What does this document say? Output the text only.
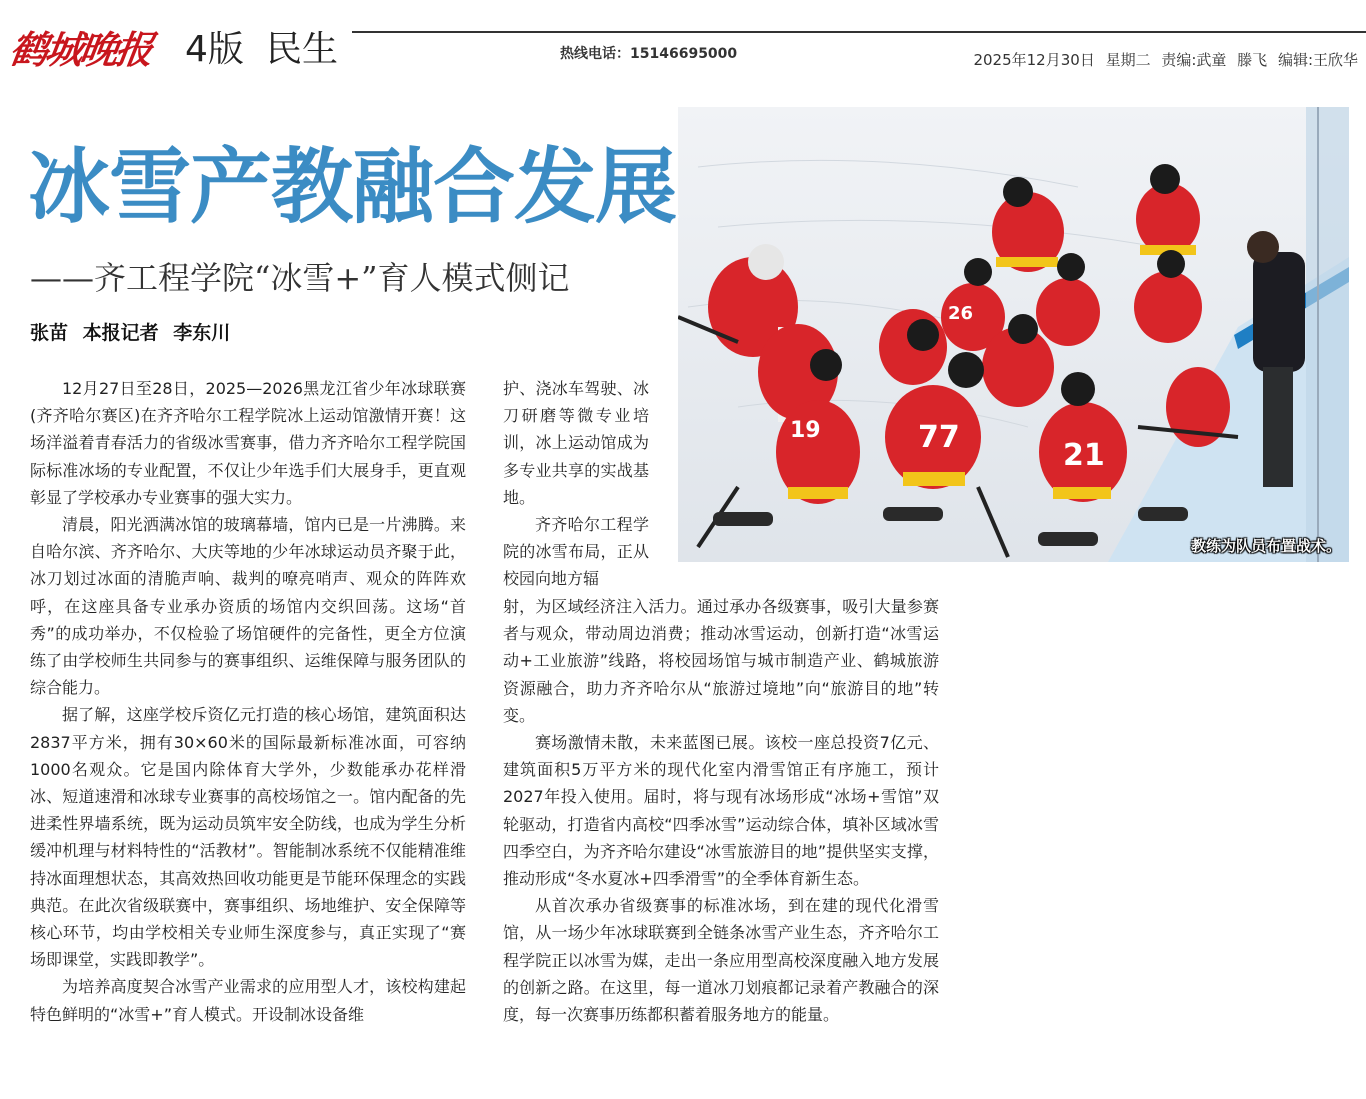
鹤城晚报 4版 民生	热线电话：15146695000	2025年12月30日 星期二 责编:武童 滕飞 编辑:王欣华
77
21
19
26
教练为队员布置战术。
冰雪产教融合发展
——齐工程学院“冰雪+”育人模式侧记
张苗 本报记者 李东川

12月27日至28日，2025—2026黑龙江省少年冰球联赛(齐齐哈尔赛区)在齐齐哈尔工程学院冰上运动馆激情开赛！这场洋溢着青春活力的省级冰雪赛事，借力齐齐哈尔工程学院国际标准冰场的专业配置，不仅让少年选手们大展身手，更直观彰显了学校承办专业赛事的强大实力。

清晨，阳光洒满冰馆的玻璃幕墙，馆内已是一片沸腾。来自哈尔滨、齐齐哈尔、大庆等地的少年冰球运动员齐聚于此，冰刀划过冰面的清脆声响、裁判的嘹亮哨声、观众的阵阵欢呼，在这座具备专业承办资质的场馆内交织回荡。这场“首秀”的成功举办，不仅检验了场馆硬件的完备性，更全方位演练了由学校师生共同参与的赛事组织、运维保障与服务团队的综合能力。

据了解，这座学校斥资亿元打造的核心场馆，建筑面积达2837平方米，拥有30×60米的国际最新标准冰面，可容纳1000名观众。它是国内除体育大学外，少数能承办花样滑冰、短道速滑和冰球专业赛事的高校场馆之一。馆内配备的先进柔性界墙系统，既为运动员筑牢安全防线，也成为学生分析缓冲机理与材料特性的“活教材”。智能制冰系统不仅能精准维持冰面理想状态，其高效热回收功能更是节能环保理念的实践典范。在此次省级联赛中，赛事组织、场地维护、安全保障等核心环节，均由学校相关专业师生深度参与，真正实现了“赛场即课堂，实践即教学”。

为培养高度契合冰雪产业需求的应用型人才，该校构建起特色鲜明的“冰雪+”育人模式。开设制冰设备维

护、浇冰车驾驶、冰刀研磨等微专业培训，冰上运动馆成为多专业共享的实战基地。

齐齐哈尔工程学院的冰雪布局，正从校园向地方辐

射，为区域经济注入活力。通过承办各级赛事，吸引大量参赛者与观众，带动周边消费；推动冰雪运动，创新打造“冰雪运动+工业旅游”线路，将校园场馆与城市制造产业、鹤城旅游资源融合，助力齐齐哈尔从“旅游过境地”向“旅游目的地”转变。

赛场激情未散，未来蓝图已展。该校一座总投资7亿元、建筑面积5万平方米的现代化室内滑雪馆正有序施工，预计2027年投入使用。届时，将与现有冰场形成“冰场+雪馆”双轮驱动，打造省内高校“四季冰雪”运动综合体，填补区域冰雪四季空白，为齐齐哈尔建设“冰雪旅游目的地”提供坚实支撑，推动形成“冬水夏冰+四季滑雪”的全季体育新生态。

从首次承办省级赛事的标准冰场，到在建的现代化滑雪馆，从一场少年冰球联赛到全链条冰雪产业生态，齐齐哈尔工程学院正以冰雪为媒，走出一条应用型高校深度融入地方发展的创新之路。在这里，每一道冰刀划痕都记录着产教融合的深度，每一次赛事历练都积蓄着服务地方的能量。
